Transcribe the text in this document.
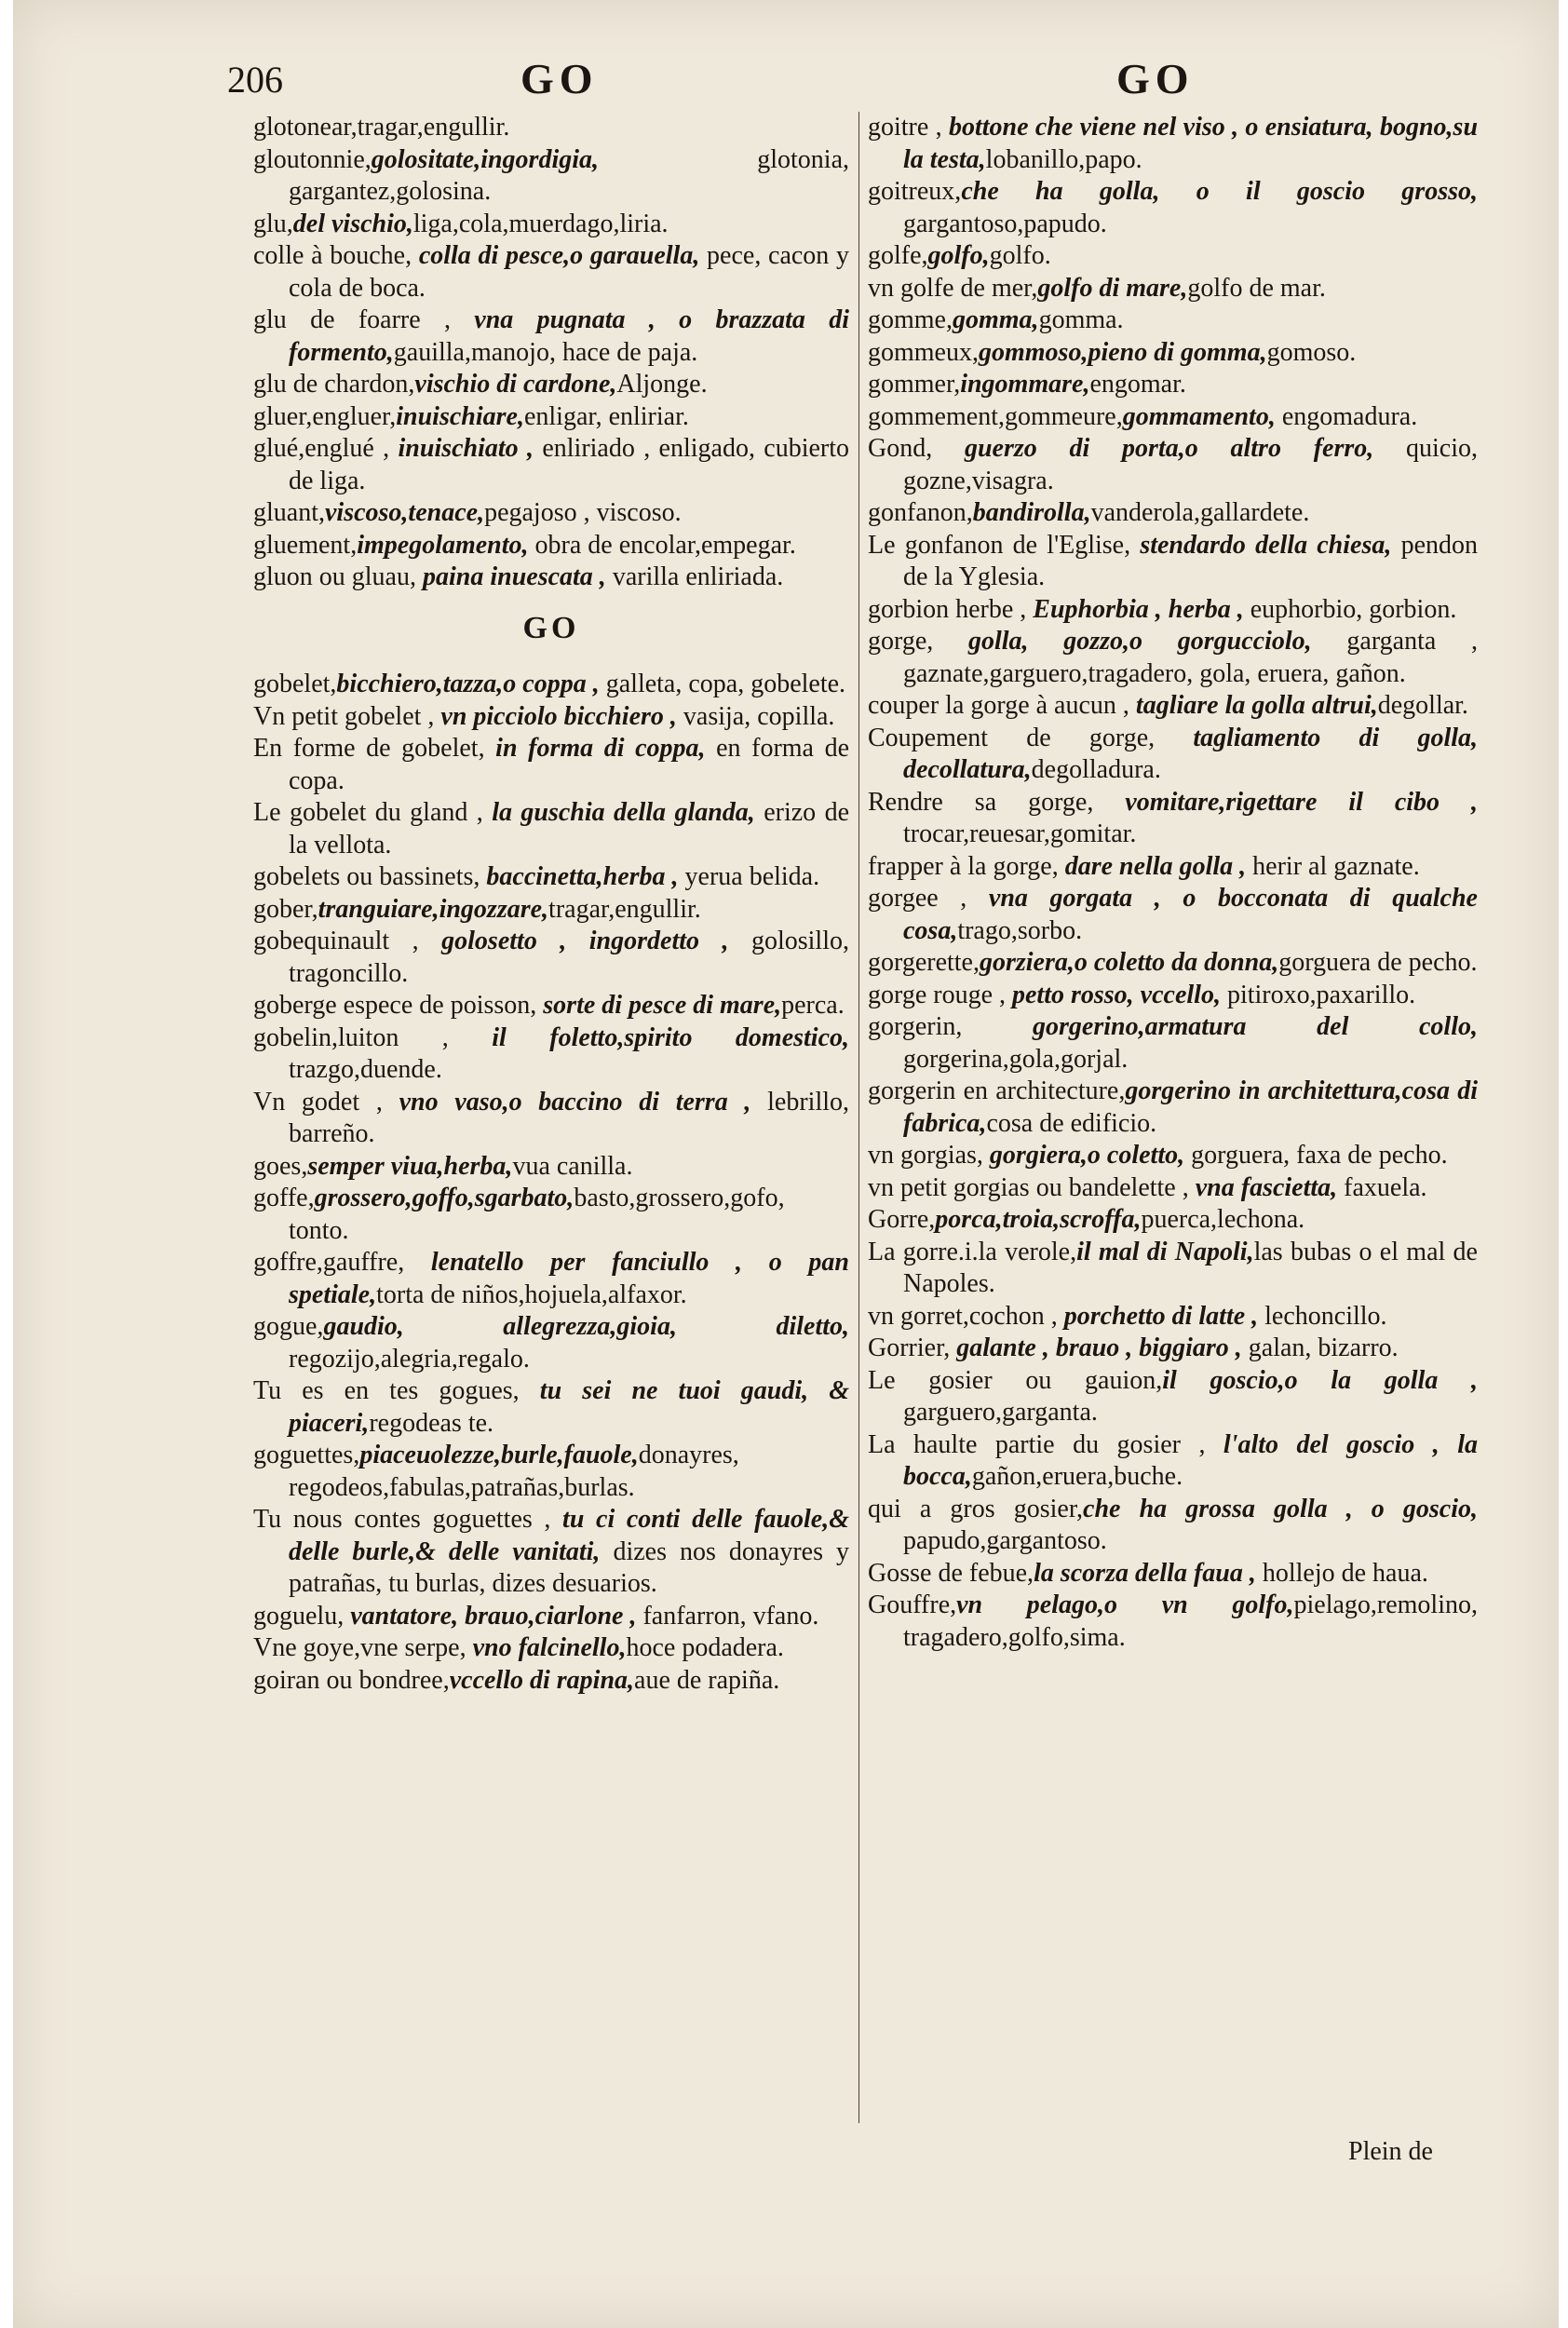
206	GO	GO
glotonear,tragar,engullir.
gloutonnie,golositate,ingordigia, glotonia, gargantez,golosina.
glu,del vischio,liga,cola,muerdago,liria.
colle à bouche, colla di pesce,o garauella, pece, cacon y cola de boca.
glu de foarre , vna pugnata , o brazzata di formento,gauilla,manojo, hace de paja.
glu de chardon,vischio di cardone,Aljonge.
gluer,engluer,inuischiare,enligar, enliriar.
glué,englué , inuischiato , enliriado , enligado, cubierto de liga.
gluant,viscoso,tenace,pegajoso , viscoso.
gluement,impegolamento, obra de encolar,empegar.
gluon ou gluau, paina inuescata , varilla enliriada.
GO
gobelet,bicchiero,tazza,o coppa , galleta, copa, gobelete.
Vn petit gobelet , vn picciolo bicchiero , vasija, copilla.
En forme de gobelet, in forma di coppa, en forma de copa.
Le gobelet du gland , la guschia della glanda, erizo de la vellota.
gobelets ou bassinets, baccinetta,herba , yerua belida.
gober,tranguiare,ingozzare,tragar,engullir.
gobequinault , golosetto , ingordetto , golosillo, tragoncillo.
goberge espece de poisson, sorte di pesce di mare,perca.
gobelin,luiton , il foletto,spirito domestico, trazgo,duende.
Vn godet , vno vaso,o baccino di terra , lebrillo, barreño.
goes,semper viua,herba,vua canilla.
goffe,grossero,goffo,sgarbato,basto,grossero,gofo, tonto.
goffre,gauffre, lenatello per fanciullo , o pan spetiale,torta de niños,hojuela,alfaxor.
gogue,gaudio, allegrezza,gioia, diletto, regozijo,alegria,regalo.
Tu es en tes gogues, tu sei ne tuoi gaudi, & piaceri,regodeas te.
goguettes,piaceuolezze,burle,fauole,donayres, regodeos,fabulas,patrañas,burlas.
Tu nous contes goguettes , tu ci conti delle fauole,& delle burle,& delle vanitati, dizes nos donayres y patrañas, tu burlas, dizes desuarios.
goguelu, vantatore, brauo,ciarlone , fanfarron, vfano.
Vne goye,vne serpe, vno falcinello,hoce podadera.
goiran ou bondree,vccello di rapina,aue de rapiña.
goitre , bottone che viene nel viso , o ensiatura, bogno,su la testa,lobanillo,papo.
goitreux,che ha golla, o il goscio grosso, gargantoso,papudo.
golfe,golfo,golfo.
vn golfe de mer,golfo di mare,golfo de mar.
gomme,gomma,gomma.
gommeux,gommoso,pieno di gomma,gomoso.
gommer,ingommare,engomar.
gommement,gommeure,gommamento, engomadura.
Gond, guerzo di porta,o altro ferro, quicio, gozne,visagra.
gonfanon,bandirolla,vanderola,gallardete.
Le gonfanon de l'Eglise, stendardo della chiesa, pendon de la Yglesia.
gorbion herbe , Euphorbia , herba , euphorbio, gorbion.
gorge, golla, gozzo,o gorgucciolo, garganta , gaznate,garguero,tragadero, gola, eruera, gañon.
couper la gorge à aucun , tagliare la golla altrui,degollar.
Coupement de gorge, tagliamento di golla, decollatura,degolladura.
Rendre sa gorge, vomitare,rigettare il cibo , trocar,reuesar,gomitar.
frapper à la gorge, dare nella golla , herir al gaznate.
gorgee , vna gorgata , o bocconata di qualche cosa,trago,sorbo.
gorgerette,gorziera,o coletto da donna,gorguera de pecho.
gorge rouge , petto rosso, vccello, pitiroxo,paxarillo.
gorgerin, gorgerino,armatura del collo, gorgerina,gola,gorjal.
gorgerin en architecture,gorgerino in architettura,cosa di fabrica,cosa de edificio.
vn gorgias, gorgiera,o coletto, gorguera, faxa de pecho.
vn petit gorgias ou bandelette , vna fascietta, faxuela.
Gorre,porca,troia,scroffa,puerca,lechona.
La gorre.i.la verole,il mal di Napoli,las bubas o el mal de Napoles.
vn gorret,cochon , porchetto di latte , lechoncillo.
Gorrier, galante , brauo , biggiaro , galan, bizarro.
Le gosier ou gauion,il goscio,o la golla , garguero,garganta.
La haulte partie du gosier , l'alto del goscio , la bocca,gañon,eruera,buche.
qui a gros gosier,che ha grossa golla , o goscio, papudo,gargantoso.
Gosse de febue,la scorza della faua , hollejo de haua.
Gouffre,vn pelago,o vn golfo,pielago,remolino, tragadero,golfo,sima.
Plein de
